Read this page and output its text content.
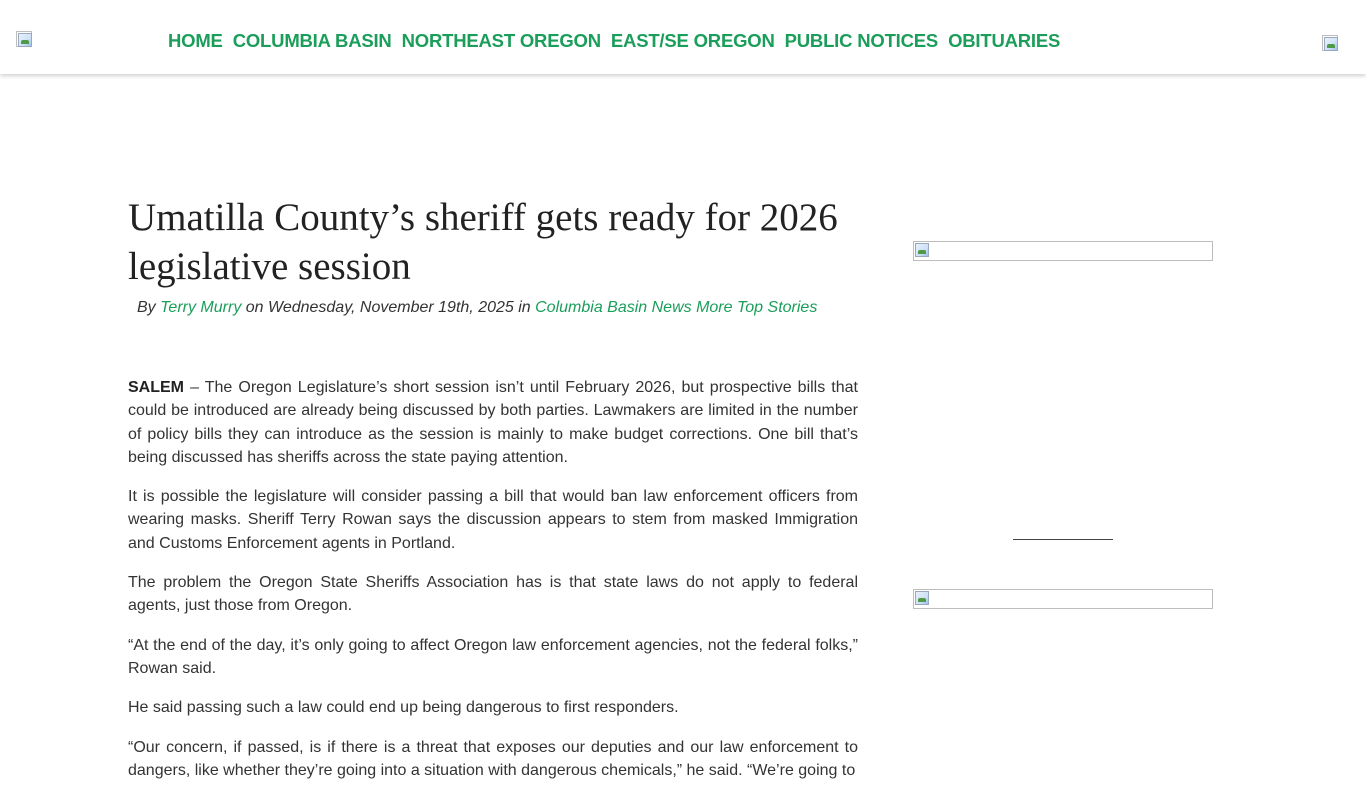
HOME COLUMBIA BASIN NORTHEAST OREGON EAST/SE OREGON PUBLIC NOTICES OBITUARIES
Umatilla County’s sheriff gets ready for 2026 legislative session
By Terry Murry on Wednesday, November 19th, 2025 in Columbia Basin News More Top Stories

SALEM – The Oregon Legislature’s short session isn’t until February 2026, but prospective bills that could be introduced are already being discussed by both parties. Lawmakers are limited in the number of policy bills they can introduce as the session is mainly to make budget corrections. One bill that’s being discussed has sheriffs across the state paying attention.

It is possible the legislature will consider passing a bill that would ban law enforcement officers from wearing masks. Sheriff Terry Rowan says the discussion appears to stem from masked Immigration and Customs Enforcement agents in Portland.

The problem the Oregon State Sheriffs Association has is that state laws do not apply to federal agents, just those from Oregon.

“At the end of the day, it’s only going to affect Oregon law enforcement agencies, not the federal folks,” Rowan said.

He said passing such a law could end up being dangerous to first responders.

“Our concern, if passed, is if there is a threat that exposes our deputies and our law enforcement to dangers, like whether they’re going into a situation with dangerous chemicals,” he said. “We’re going to
